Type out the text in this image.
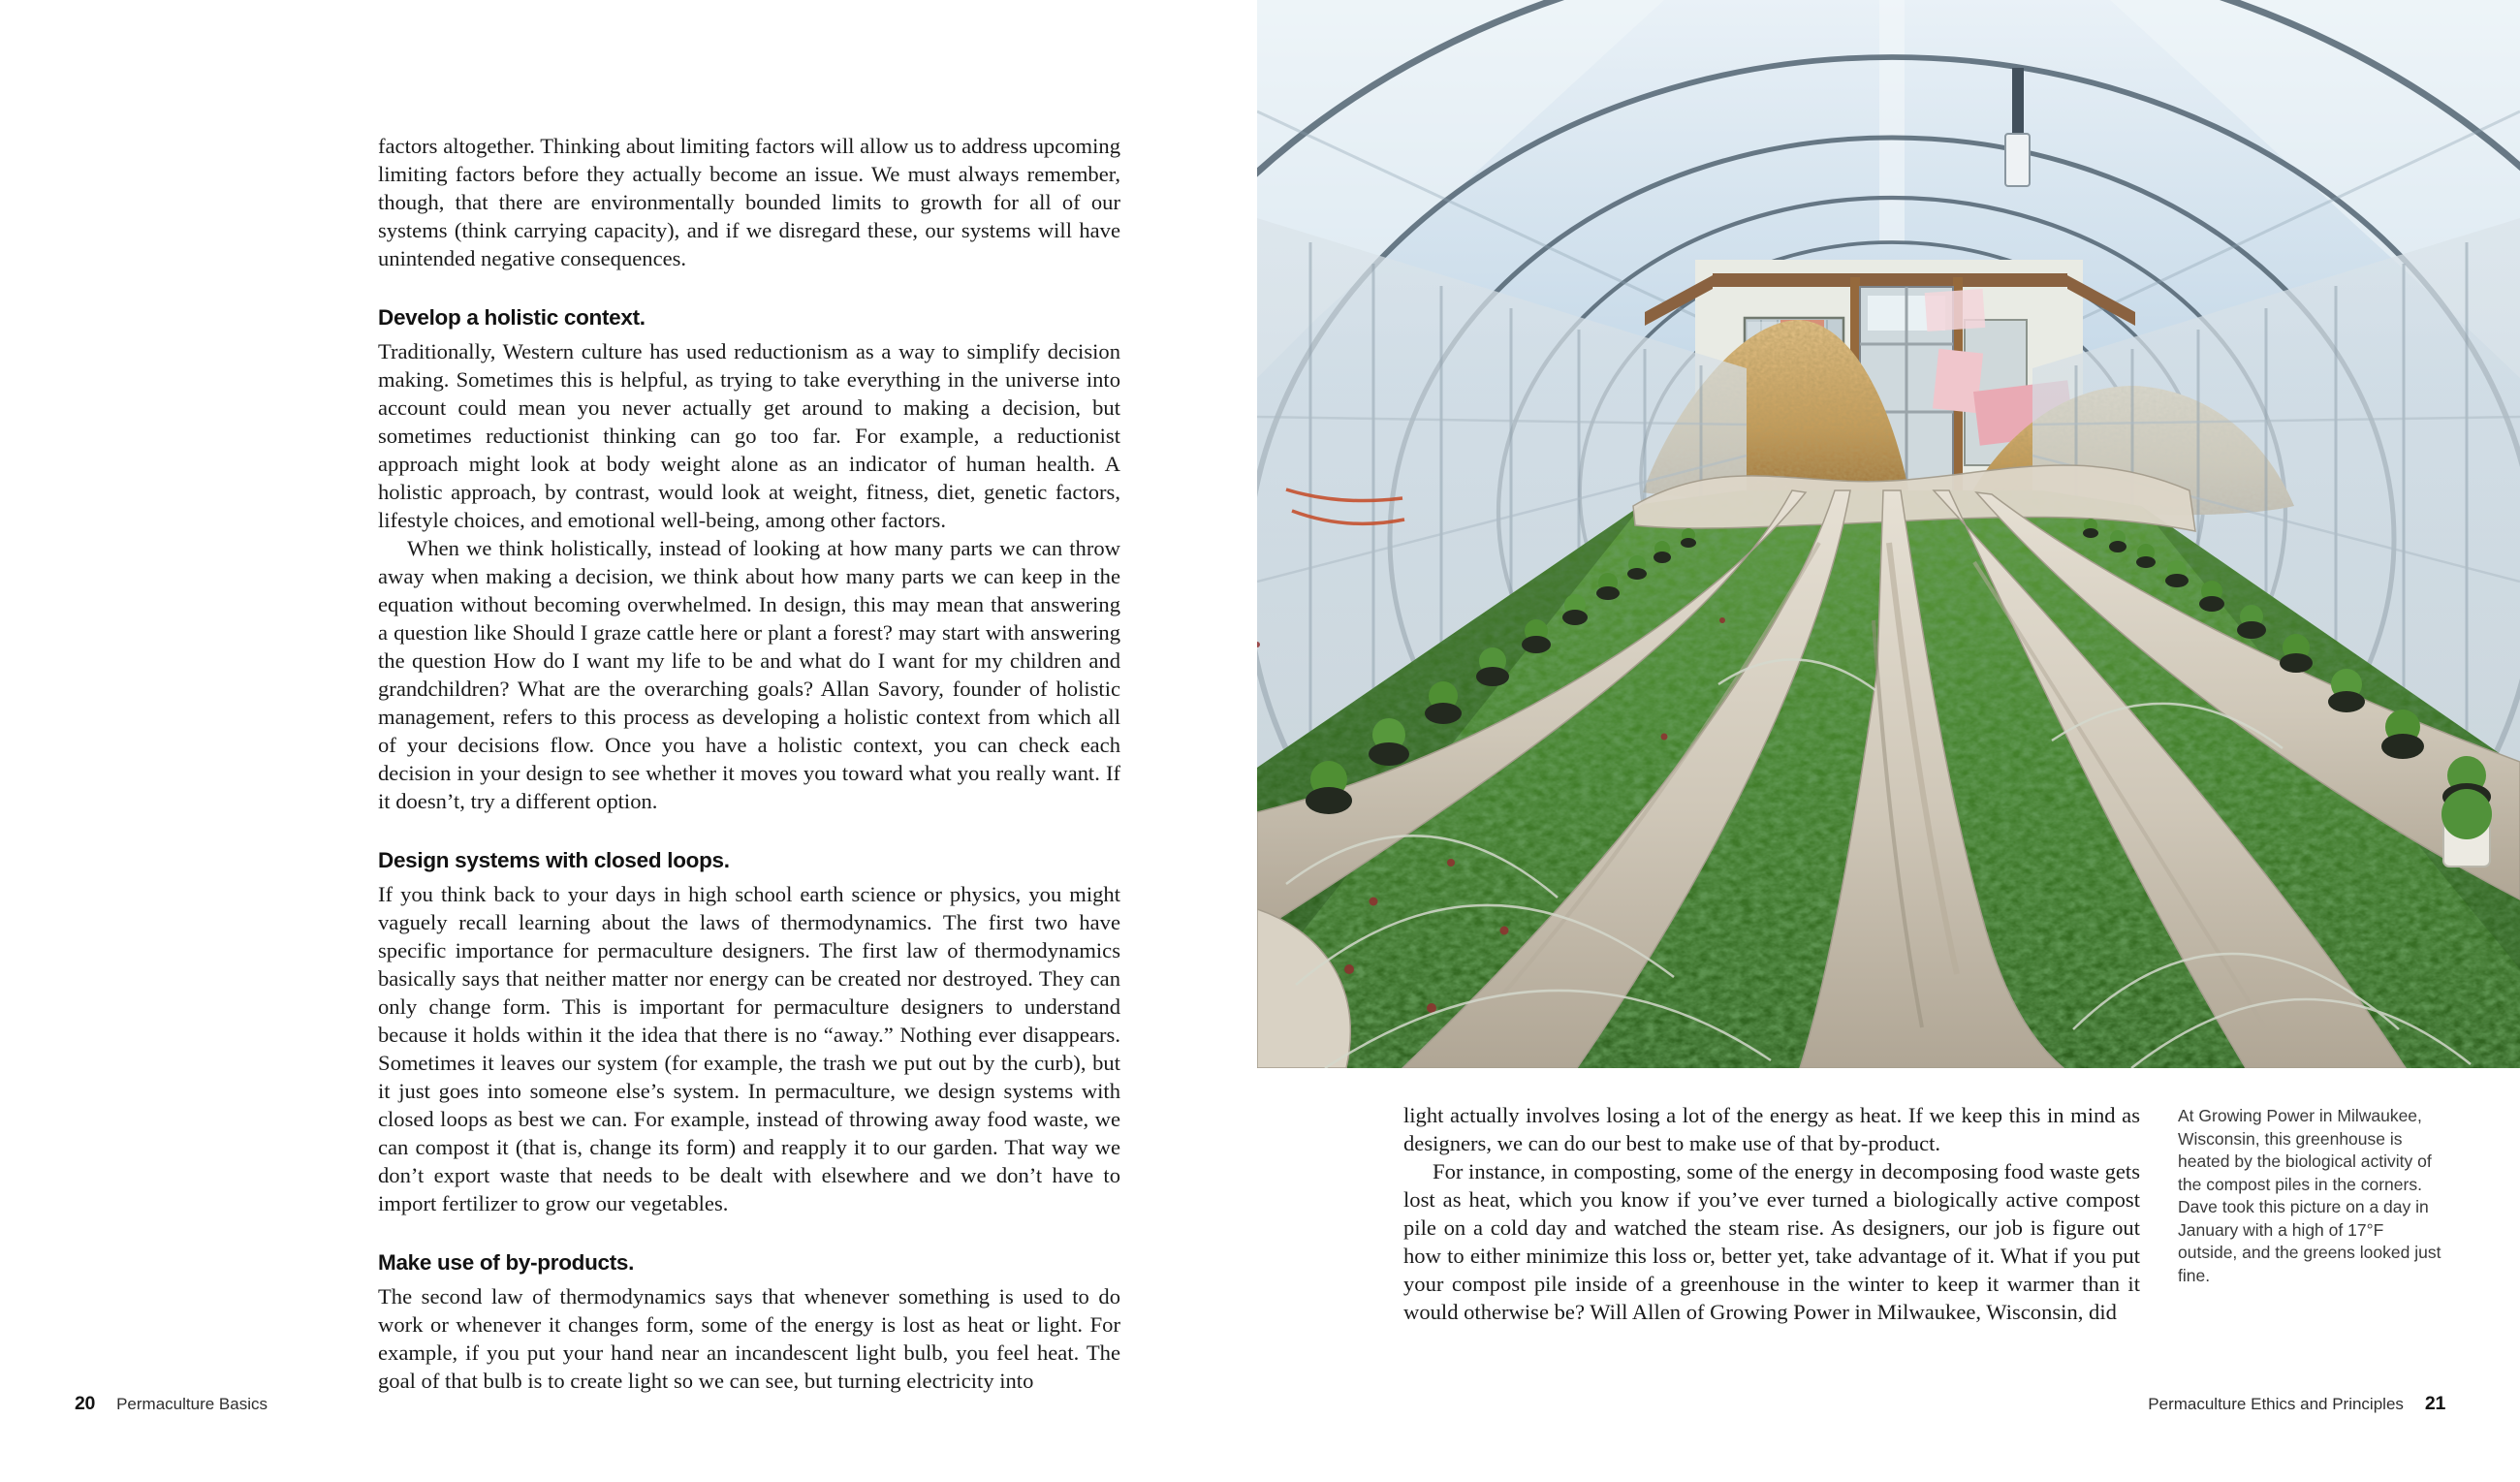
factors altogether. Thinking about limiting factors will allow us to address upcoming limiting factors before they actually become an issue. We must always remember, though, that there are environmentally bounded limits to growth for all of our systems (think carrying capacity), and if we disregard these, our systems will have unintended negative consequences.

Develop a holistic context.

Traditionally, Western culture has used reductionism as a way to simplify decision making. Sometimes this is helpful, as trying to take everything in the universe into account could mean you never actually get around to making a decision, but sometimes reductionist thinking can go too far. For example, a reductionist approach might look at body weight alone as an indicator of human health. A holistic approach, by contrast, would look at weight, fitness, diet, genetic factors, lifestyle choices, and emotional well-being, among other factors.

When we think holistically, instead of looking at how many parts we can throw away when making a decision, we think about how many parts we can keep in the equation without becoming overwhelmed. In design, this may mean that answering a question like Should I graze cattle here or plant a forest? may start with answering the question How do I want my life to be and what do I want for my children and grandchildren? What are the overarching goals? Allan Savory, founder of holistic management, refers to this process as developing a holistic context from which all of your decisions flow. Once you have a holistic context, you can check each decision in your design to see whether it moves you toward what you really want. If it doesn’t, try a different option.

Design systems with closed loops.

If you think back to your days in high school earth science or physics, you might vaguely recall learning about the laws of thermodynamics. The first two have specific importance for permaculture designers. The first law of thermodynamics basically says that neither matter nor energy can be created nor destroyed. They can only change form. This is important for permaculture designers to understand because it holds within it the idea that there is no “away.” Nothing ever disappears. Sometimes it leaves our system (for example, the trash we put out by the curb), but it just goes into someone else’s system. In permaculture, we design systems with closed loops as best we can. For example, instead of throwing away food waste, we can compost it (that is, change its form) and reapply it to our garden. That way we don’t export waste that needs to be dealt with elsewhere and we don’t have to import fertilizer to grow our vegetables.

Make use of by-products.

The second law of thermodynamics says that whenever something is used to do work or whenever it changes form, some of the energy is lost as heat or light. For example, if you put your hand near an incandescent light bulb, you feel heat. The goal of that bulb is to create light so we can see, but turning electricity into

light actually involves losing a lot of the energy as heat. If we keep this in mind as designers, we can do our best to make use of that by-product.

For instance, in composting, some of the energy in decomposing food waste gets lost as heat, which you know if you’ve ever turned a biologically active compost pile on a cold day and watched the steam rise. As designers, our job is figure out how to either minimize this loss or, better yet, take advantage of it. What if you put your compost pile inside of a greenhouse in the winter to keep it warmer than it would otherwise be? Will Allen of Growing Power in Milwaukee, Wisconsin, did

At Growing Power in Milwaukee, Wisconsin, this greenhouse is heated by the biological activity of the compost piles in the corners. Dave took this picture on a day in January with a high of 17°F outside, and the greens looked just fine.
20 Permaculture Basics	Permaculture Ethics and Principles 21
